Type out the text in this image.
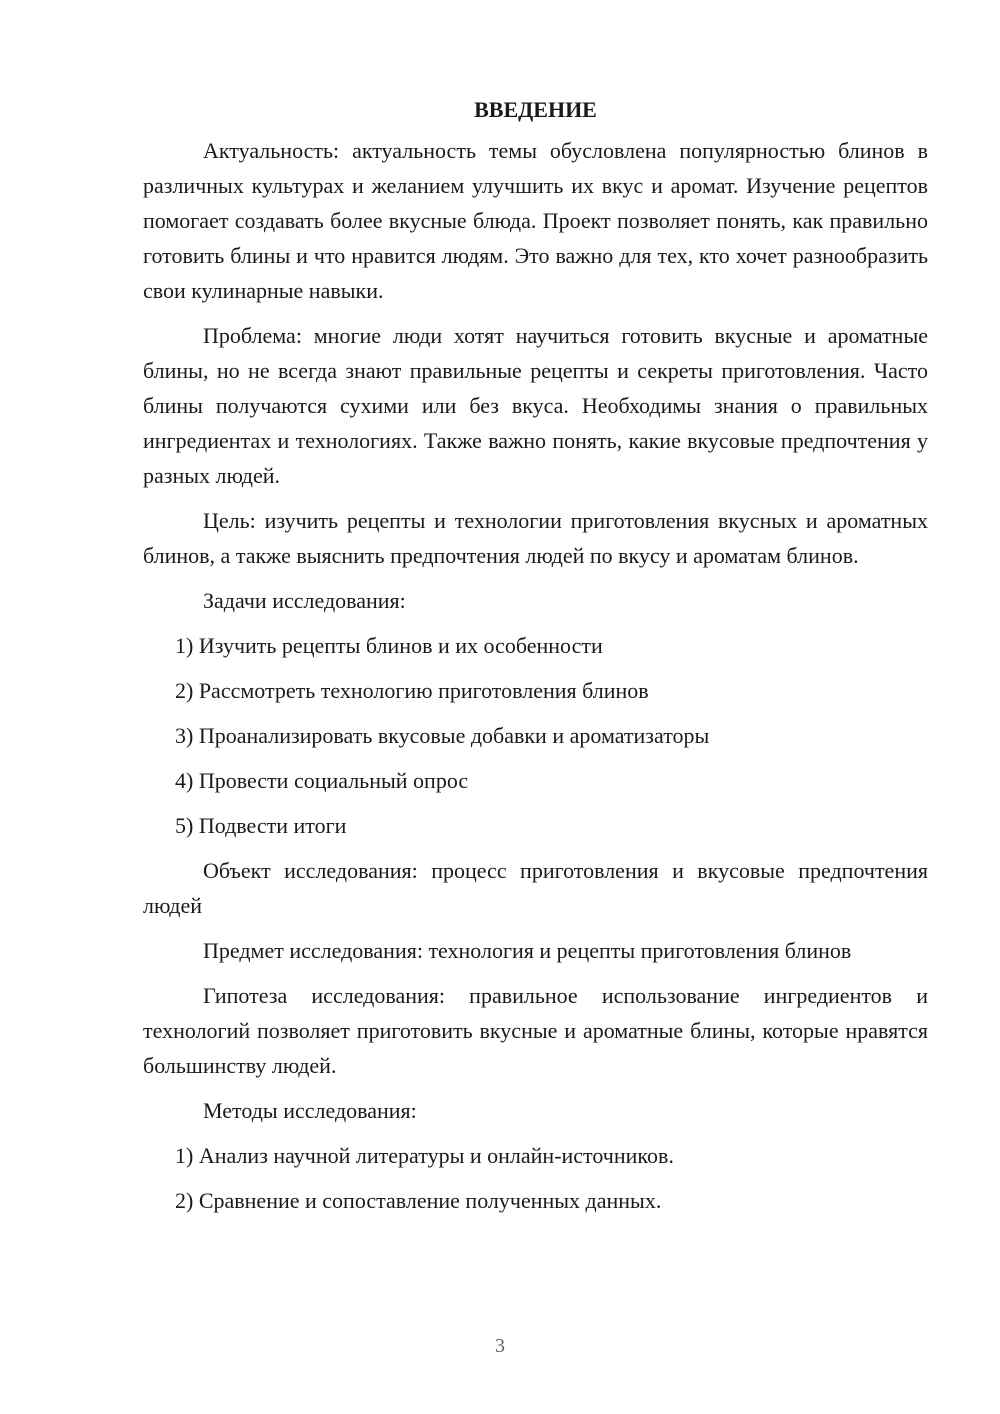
ВВЕДЕНИЕ

Актуальность: актуальность темы обусловлена популярностью блинов в различных культурах и желанием улучшить их вкус и аромат. Изучение рецептов помогает создавать более вкусные блюда. Проект позволяет понять, как правильно готовить блины и что нравится людям. Это важно для тех, кто хочет разнообразить свои кулинарные навыки.

Проблема: многие люди хотят научиться готовить вкусные и ароматные блины, но не всегда знают правильные рецепты и секреты приготовления. Часто блины получаются сухими или без вкуса. Необходимы знания о правильных ингредиентах и технологиях. Также важно понять, какие вкусовые предпочтения у разных людей.

Цель: изучить рецепты и технологии приготовления вкусных и ароматных блинов, а также выяснить предпочтения людей по вкусу и ароматам блинов.

Задачи исследования:

1) Изучить рецепты блинов и их особенности
2) Рассмотреть технологию приготовления блинов
3) Проанализировать вкусовые добавки и ароматизаторы
4) Провести социальный опрос
5) Подвести итоги

Объект исследования: процесс приготовления и вкусовые предпочтения людей

Предмет исследования: технология и рецепты приготовления блинов

Гипотеза исследования: правильное использование ингредиентов и технологий позволяет приготовить вкусные и ароматные блины, которые нравятся большинству людей.

Методы исследования:

1) Анализ научной литературы и онлайн-источников.
2) Сравнение и сопоставление полученных данных.
3
